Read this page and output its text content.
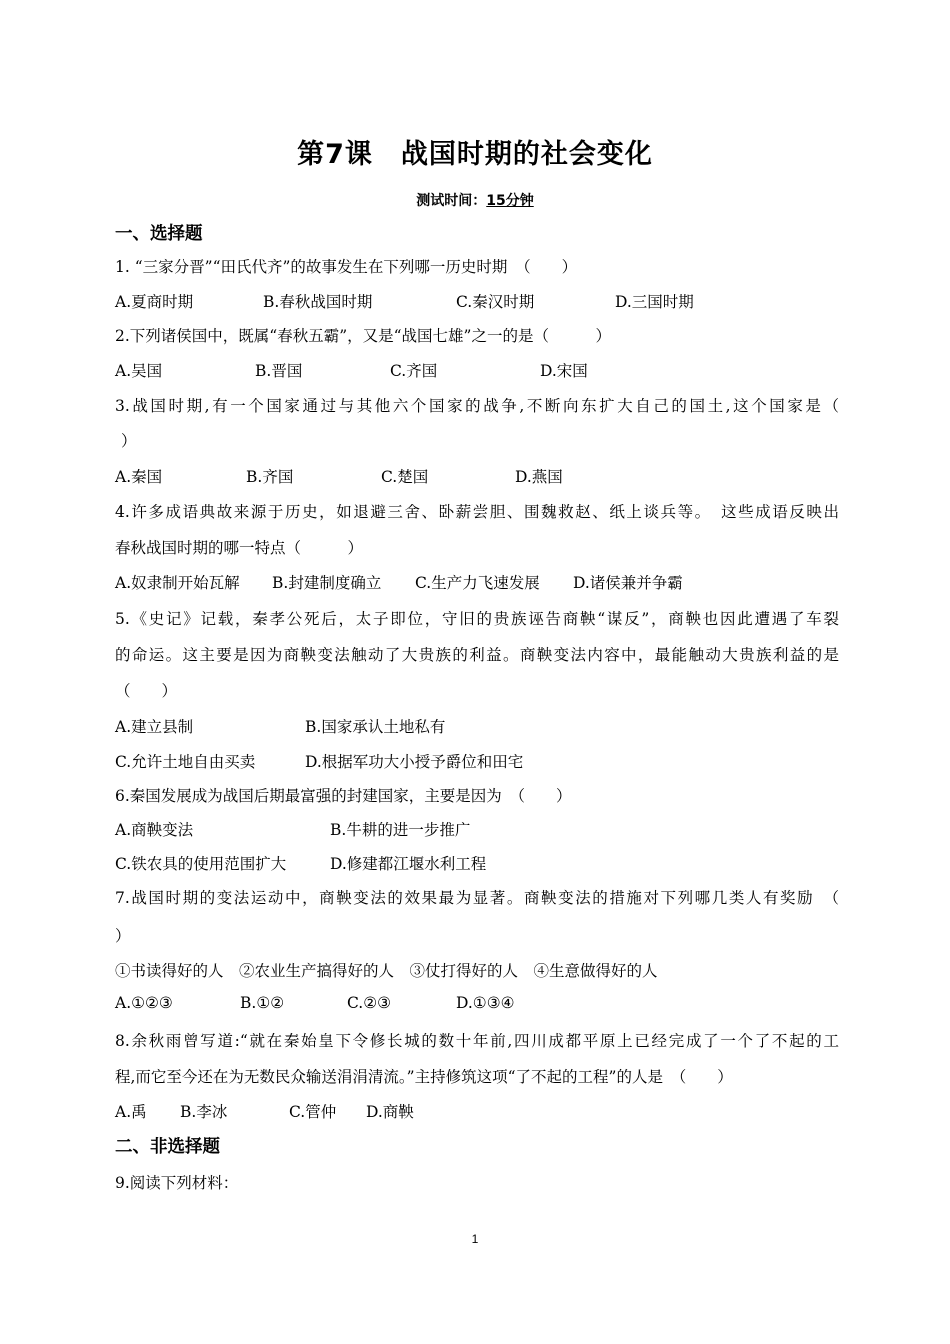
第7课　战国时期的社会变化
测试时间：15分钟
一、选择题
1. “三家分晋”“田氏代齐”的故事发生在下列哪一历史时期　（　　）
A.夏商时期	B.春秋战国时期	C.秦汉时期	D.三国时期
2.下列诸侯国中，既属“春秋五霸”，又是“战国七雄”之一的是（　　　）
A.吴国	B.晋国	C.齐国	D.宋国
3.战国时期,有一个国家通过与其他六个国家的战争,不断向东扩大自己的国土,这个国家是（
）
A.秦国	B.齐国	C.楚国	D.燕国
4.许多成语典故来源于历史，如退避三舍、卧薪尝胆、围魏救赵、纸上谈兵等。　这些成语反映出
春秋战国时期的哪一特点（　　　）
A.奴隶制开始瓦解 B.封建制度确立 C.生产力飞速发展 D.诸侯兼并争霸
5.《史记》记载，秦孝公死后，太子即位，守旧的贵族诬告商鞅“谋反”，商鞅也因此遭遇了车裂
的命运。这主要是因为商鞅变法触动了大贵族的利益。商鞅变法内容中，最能触动大贵族利益的是
（　　）
A.建立县制	B.国家承认土地私有
C.允许土地自由买卖	D.根据军功大小授予爵位和田宅
6.秦国发展成为战国后期最富强的封建国家，主要是因为　（　　）
A.商鞅变法	B.牛耕的进一步推广
C.铁农具的使用范围扩大	D.修建都江堰水利工程
7.战国时期的变法运动中，商鞅变法的效果最为显著。商鞅变法的措施对下列哪几类人有奖励　（
）
①书读得好的人　②农业生产搞得好的人　③仗打得好的人　④生意做得好的人
A.①②③	B.①②	C.②③	D.①③④
8.余秋雨曾写道:“就在秦始皇下令修长城的数十年前,四川成都平原上已经完成了一个了不起的工
程,而它至今还在为无数民众输送涓涓清流。”主持修筑这项“了不起的工程”的人是　（　　）
A.禹 B.李冰	C.管仲 D.商鞅
二、非选择题
9.阅读下列材料：
1
